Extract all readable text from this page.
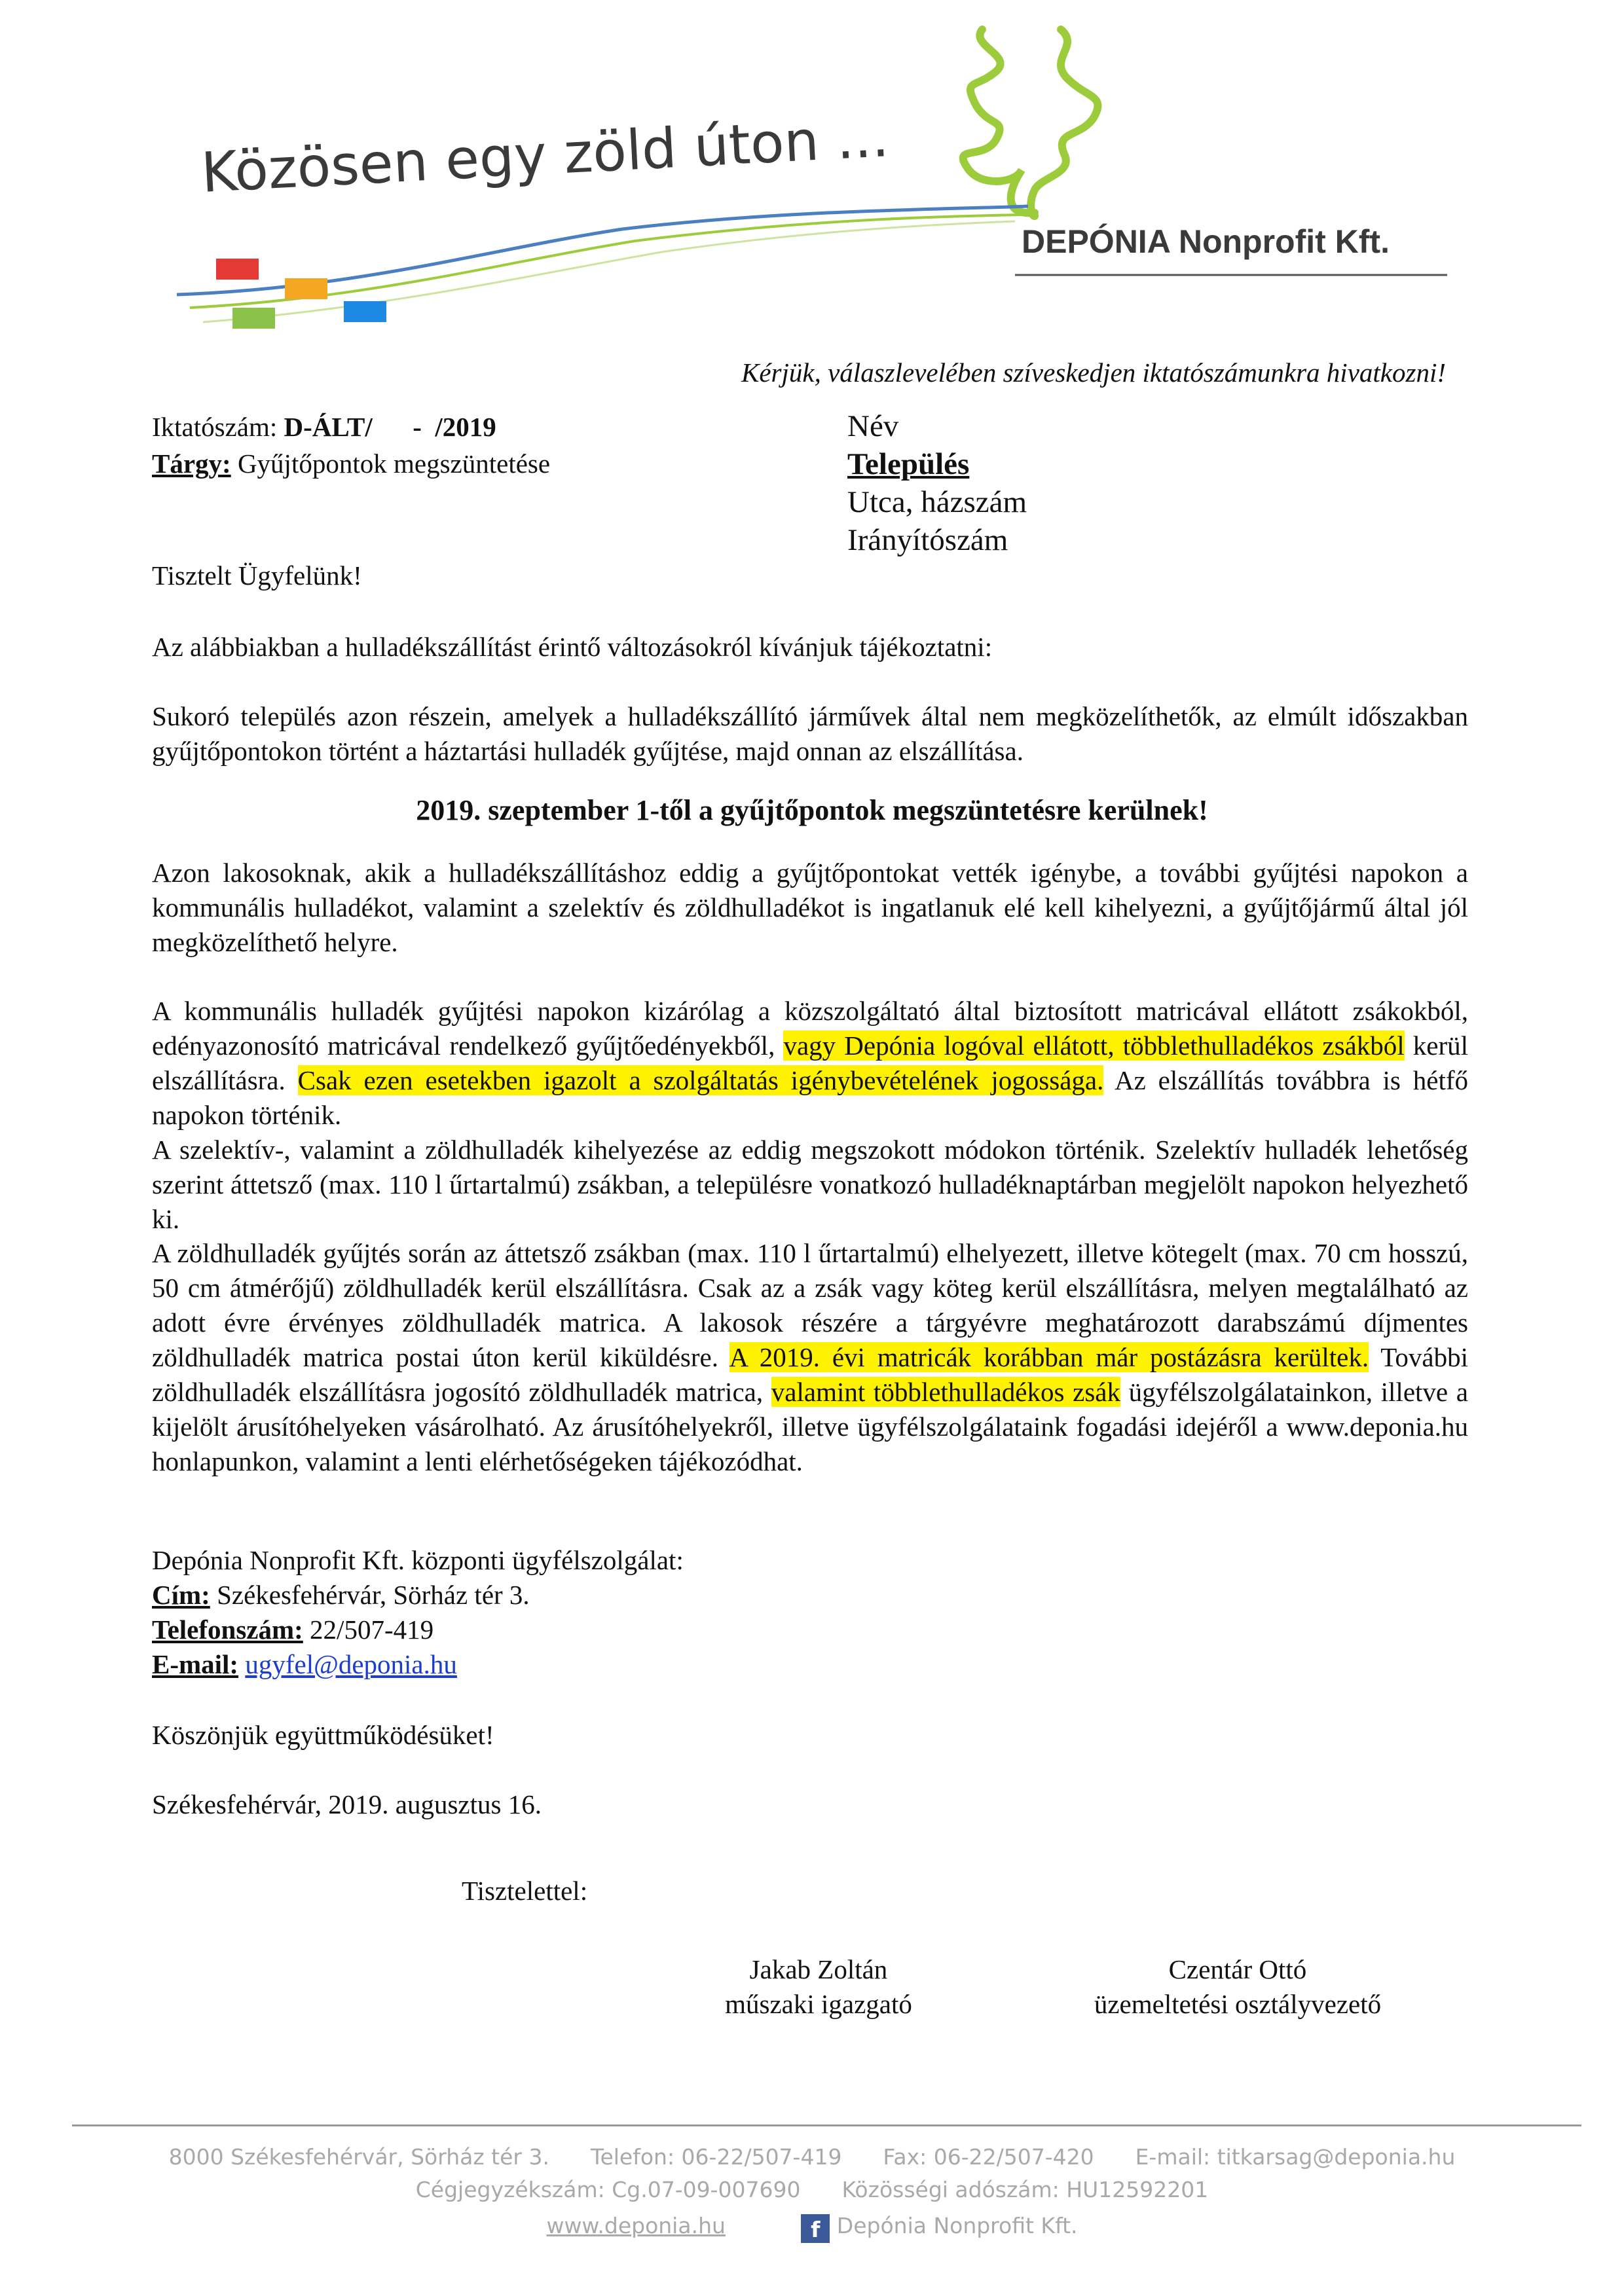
Közösen egy zöld úton ...
DEPÓNIA Nonprofit Kft.
Kérjük, válaszlevelében szíveskedjen iktatószámunkra hivatkozni!
Iktatószám: D-ÁLT/      -  /2019
Tárgy: Gyűjtőpontok megszüntetése
Név
Település
Utca, házszám
Irányítószám
Tisztelt Ügyfelünk!
Az alábbiakban a hulladékszállítást érintő változásokról kívánjuk tájékoztatni:
Sukoró település azon részein, amelyek a hulladékszállító járművek által nem megközelíthetők, az elmúlt időszakban gyűjtőpontokon történt a háztartási hulladék gyűjtése, majd onnan az elszállítása.
2019. szeptember 1-től a gyűjtőpontok megszüntetésre kerülnek!
Azon lakosoknak, akik a hulladékszállításhoz eddig a gyűjtőpontokat vették igénybe, a további gyűjtési napokon a kommunális hulladékot, valamint a szelektív és zöldhulladékot is ingatlanuk elé kell kihelyezni, a gyűjtőjármű által jól megközelíthető helyre.
A kommunális hulladék gyűjtési napokon kizárólag a közszolgáltató által biztosított matricával ellátott zsákokból, edényazonosító matricával rendelkező gyűjtőedényekből, vagy Depónia logóval ellátott, többlethulladékos zsákból kerül elszállításra. Csak ezen esetekben igazolt a szolgáltatás igénybevételének jogossága. Az elszállítás továbbra is hétfő napokon történik.
A szelektív-, valamint a zöldhulladék kihelyezése az eddig megszokott módokon történik. Szelektív hulladék lehetőség szerint áttetsző (max. 110 l űrtartalmú) zsákban, a településre vonatkozó hulladéknaptárban megjelölt napokon helyezhető ki.
A zöldhulladék gyűjtés során az áttetsző zsákban (max. 110 l űrtartalmú) elhelyezett, illetve kötegelt (max. 70 cm hosszú, 50 cm átmérőjű) zöldhulladék kerül elszállításra. Csak az a zsák vagy köteg kerül elszállításra, melyen megtalálható az adott évre érvényes zöldhulladék matrica. A lakosok részére a tárgyévre meghatározott darabszámú díjmentes zöldhulladék matrica postai úton kerül kiküldésre. A 2019. évi matricák korábban már postázásra kerültek. További zöldhulladék elszállításra jogosító zöldhulladék matrica, valamint többlethulladékos zsák ügyfélszolgálatainkon, illetve a kijelölt árusítóhelyeken vásárolható. Az árusítóhelyekről, illetve ügyfélszolgálataink fogadási idejéről a www.deponia.hu honlapunkon, valamint a lenti elérhetőségeken tájékozódhat.
Depónia Nonprofit Kft. központi ügyfélszolgálat:
Cím: Székesfehérvár, Sörház tér 3.
Telefonszám: 22/507-419
E-mail: ugyfel@deponia.hu
Köszönjük együttműködésüket!
Székesfehérvár, 2019. augusztus 16.
Tisztelettel:
Jakab Zoltán
műszaki igazgató
Czentár Ottó
üzemeltetési osztályvezető
8000 Székesfehérvár, Sörház tér 3. Telefon: 06-22/507-419 Fax: 06-22/507-420 E-mail: titkarsag@deponia.hu
Cégjegyzékszám: Cg.07-09-007690 Közösségi adószám: HU12592201
www.deponia.hu	f Depónia Nonprofit Kft.
